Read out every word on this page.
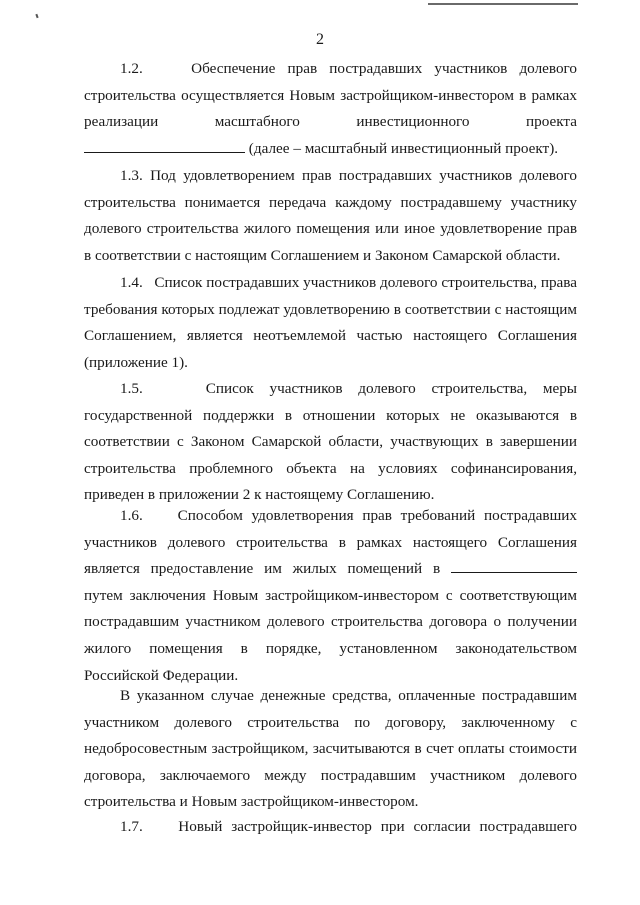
2

1.2.	Обеспечение прав пострадавших участников долевого строительства осуществляется Новым застройщиком-инвестором в рамках реализации масштабного инвестиционного проекта  (далее – масштабный инвестиционный проект).

1.3. Под удовлетворением прав пострадавших участников долевого строительства понимается передача каждому пострадавшему участнику долевого строительства жилого помещения или иное удовлетворение прав в соответствии с настоящим Соглашением и Законом Самарской области.

1.4. Список пострадавших участников долевого строительства, права требования которых подлежат удовлетворению в соответствии с настоящим Соглашением, является неотъемлемой частью настоящего Соглашения (приложение 1).

1.5.	Список участников долевого строительства, меры государственной поддержки в отношении которых не оказываются в соответствии с Законом Самарской области, участвующих в завершении строительства проблемного объекта на условиях софинансирования, приведен в приложении 2 к настоящему Соглашению.

1.6. Способом удовлетворения прав требований пострадавших участников долевого строительства в рамках настоящего Соглашения является предоставление им жилых помещений в  путем заключения Новым застройщиком-инвестором с соответствующим пострадавшим участником долевого строительства договора о получении жилого помещения в порядке, установленном законодательством Российской Федерации.

В указанном случае денежные средства, оплаченные пострадавшим участником долевого строительства по договору, заключенному с недобросовестным застройщиком, засчитываются в счет оплаты стоимости договора, заключаемого между пострадавшим участником долевого строительства и Новым застройщиком-инвестором.

1.7. Новый застройщик-инвестор при согласии пострадавшего
